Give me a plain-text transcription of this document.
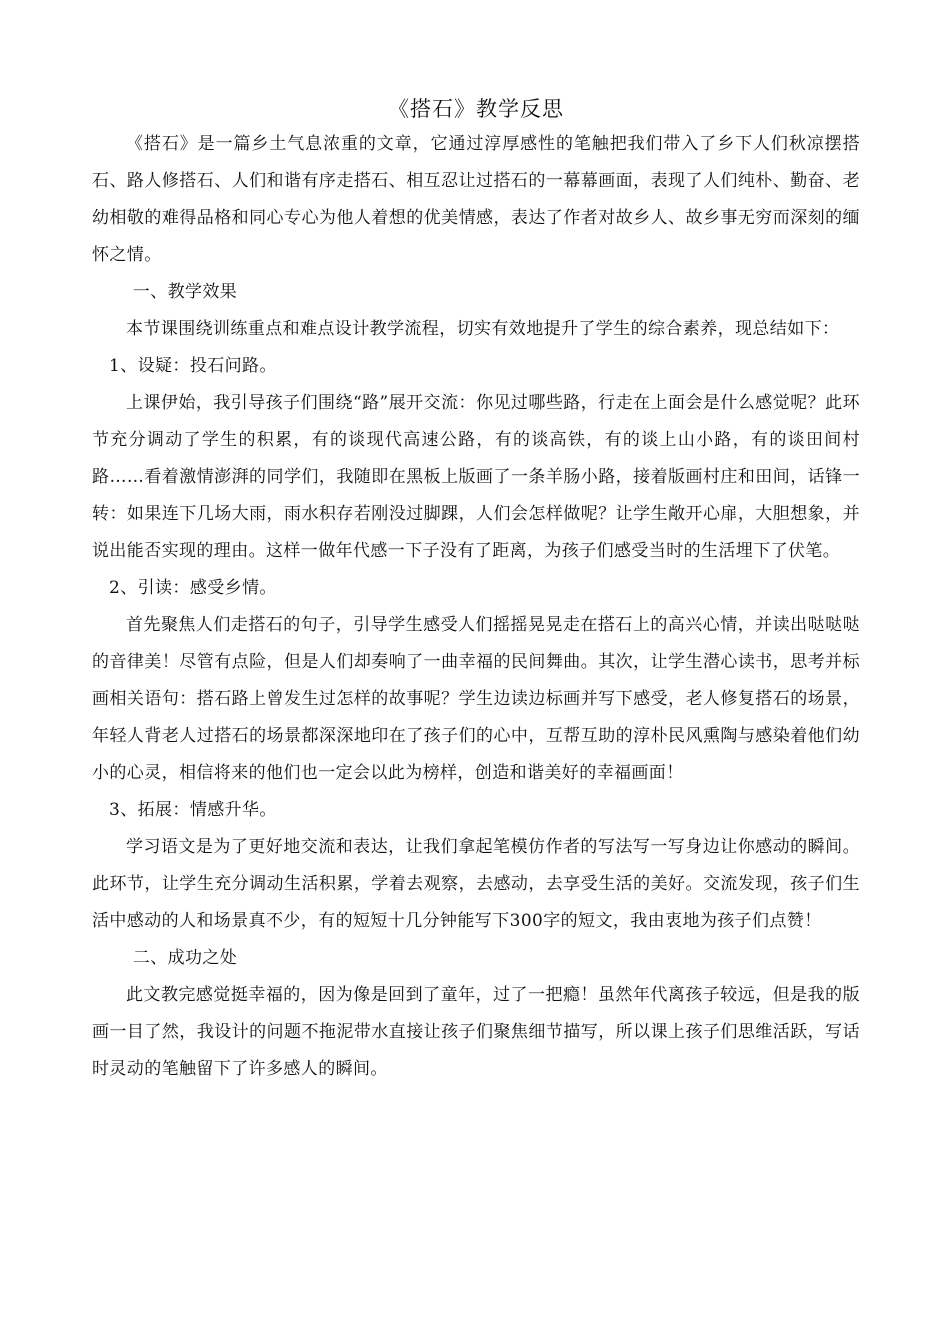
《搭石》教学反思

《搭石》是一篇乡土气息浓重的文章，它通过淳厚感性的笔触把我们带入了乡下人们秋凉摆搭石、路人修搭石、人们和谐有序走搭石、相互忍让过搭石的一幕幕画面，表现了人们纯朴、勤奋、老幼相敬的难得品格和同心专心为他人着想的优美情感，表达了作者对故乡人、故乡事无穷而深刻的缅怀之情。

一、教学效果

本节课围绕训练重点和难点设计教学流程，切实有效地提升了学生的综合素养，现总结如下：

1、设疑：投石问路。

上课伊始，我引导孩子们围绕“路”展开交流：你见过哪些路，行走在上面会是什么感觉呢？此环节充分调动了学生的积累，有的谈现代高速公路，有的谈高铁，有的谈上山小路，有的谈田间村路……看着激情澎湃的同学们，我随即在黑板上版画了一条羊肠小路，接着版画村庄和田间，话锋一转：如果连下几场大雨，雨水积存若刚没过脚踝，人们会怎样做呢？让学生敞开心扉，大胆想象，并说出能否实现的理由。这样一做年代感一下子没有了距离，为孩子们感受当时的生活埋下了伏笔。

2、引读：感受乡情。

首先聚焦人们走搭石的句子，引导学生感受人们摇摇晃晃走在搭石上的高兴心情，并读出哒哒哒的音律美！尽管有点险，但是人们却奏响了一曲幸福的民间舞曲。其次，让学生潜心读书，思考并标画相关语句：搭石路上曾发生过怎样的故事呢？学生边读边标画并写下感受，老人修复搭石的场景，年轻人背老人过搭石的场景都深深地印在了孩子们的心中，互帮互助的淳朴民风熏陶与感染着他们幼小的心灵，相信将来的他们也一定会以此为榜样，创造和谐美好的幸福画面！

3、拓展：情感升华。

学习语文是为了更好地交流和表达，让我们拿起笔模仿作者的写法写一写身边让你感动的瞬间。此环节，让学生充分调动生活积累，学着去观察，去感动，去享受生活的美好。交流发现，孩子们生活中感动的人和场景真不少，有的短短十几分钟能写下300字的短文，我由衷地为孩子们点赞！

二、成功之处

此文教完感觉挺幸福的，因为像是回到了童年，过了一把瘾！虽然年代离孩子较远，但是我的版画一目了然，我设计的问题不拖泥带水直接让孩子们聚焦细节描写，所以课上孩子们思维活跃，写话时灵动的笔触留下了许多感人的瞬间。
